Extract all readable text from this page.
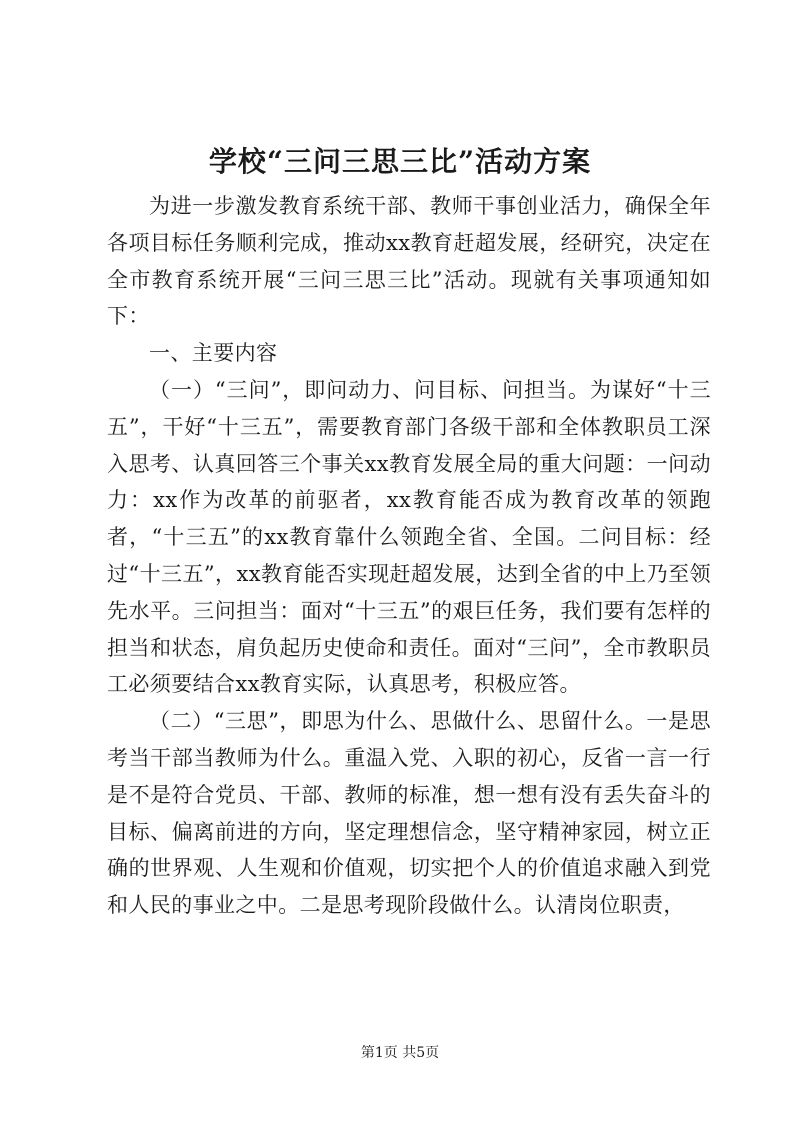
学校“三问三思三比”活动方案

为进一步激发教育系统干部、教师干事创业活力，确保全年各项目标任务顺利完成，推动xx教育赶超发展，经研究，决定在全市教育系统开展“三问三思三比”活动。现就有关事项通知如下：

一、主要内容

（一）“三问”，即问动力、问目标、问担当。为谋好“十三五”，干好“十三五”，需要教育部门各级干部和全体教职员工深入思考、认真回答三个事关xx教育发展全局的重大问题：一问动力：xx作为改革的前驱者，xx教育能否成为教育改革的领跑者，“十三五”的xx教育靠什么领跑全省、全国。二问目标：经过“十三五”，xx教育能否实现赶超发展，达到全省的中上乃至领先水平。三问担当：面对“十三五”的艰巨任务，我们要有怎样的担当和状态，肩负起历史使命和责任。面对“三问”，全市教职员工必须要结合xx教育实际，认真思考，积极应答。

（二）“三思”，即思为什么、思做什么、思留什么。一是思考当干部当教师为什么。重温入党、入职的初心，反省一言一行是不是符合党员、干部、教师的标准，想一想有没有丢失奋斗的目标、偏离前进的方向，坚定理想信念，坚守精神家园，树立正确的世界观、人生观和价值观，切实把个人的价值追求融入到党和人民的事业之中。二是思考现阶段做什么。认清岗位职责，

第1页 共5页
